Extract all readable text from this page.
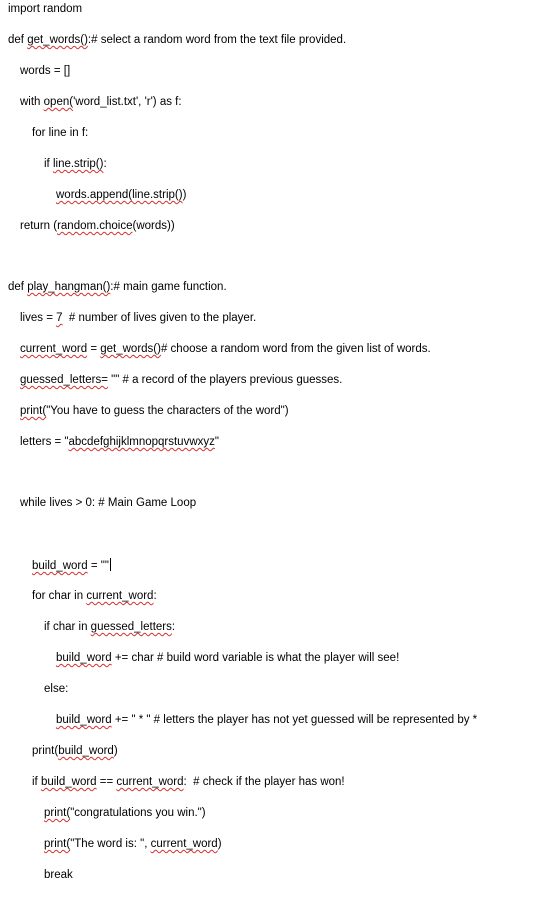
import random
def get_words():# select a random word from the text file provided.
words = []
with open('word_list.txt', 'r') as f:
for line in f:
if line.strip():
words.append(line.strip())
return (random.choice(words))
def play_hangman():# main game function.
lives = 7  # number of lives given to the player.
current_word = get_words()# choose a random word from the given list of words.
guessed_letters= "" # a record of the players previous guesses.
print("You have to guess the characters of the word")
letters = "abcdefghijklmnopqrstuvwxyz"
while lives > 0: # Main Game Loop
build_word = ""
for char in current_word:
if char in guessed_letters:
build_word += char # build word variable is what the player will see!
else:
build_word += " * " # letters the player has not yet guessed will be represented by *
print(build_word)
if build_word == current_word:  # check if the player has won!
print("congratulations you win.")
print("The word is: ", current_word)
break
